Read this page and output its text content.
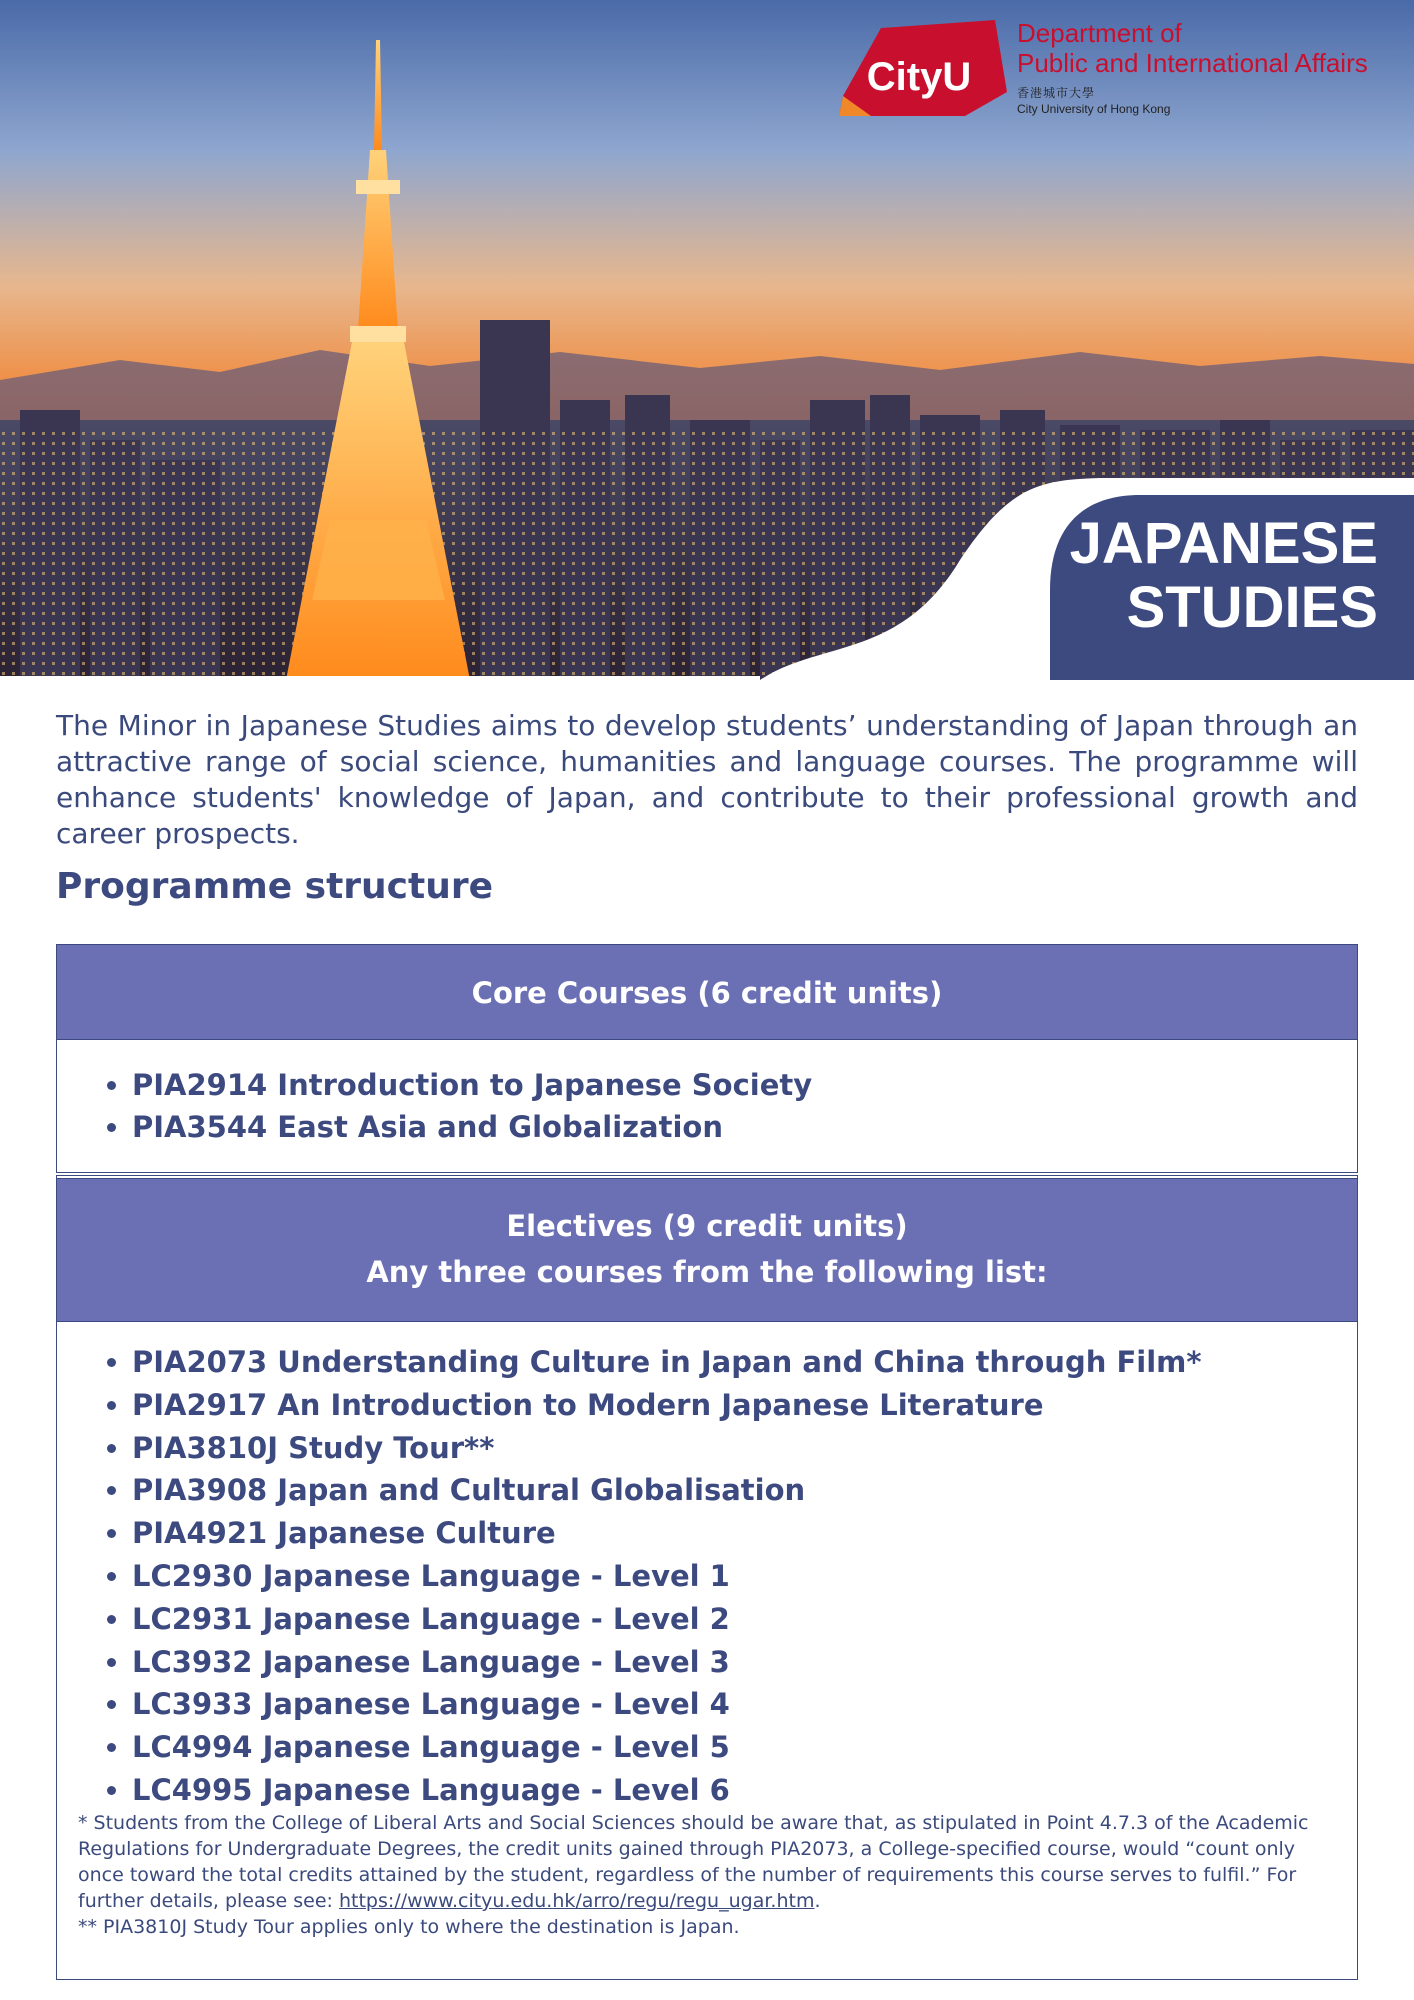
CityU
Department of
Public and International Affairs
香港城市大學
City University of Hong Kong
JAPANESE
STUDIES
The Minor in Japanese Studies aims to develop students’ understanding of Japan through an attractive range of social science, humanities and language courses. The programme will enhance students' knowledge of Japan, and contribute to their professional growth and career prospects.
Programme structure
Core Courses (6 credit units)
• PIA2914 Introduction to Japanese Society
• PIA3544 East Asia and Globalization
Electives (9 credit units)
Any three courses from the following list:
• PIA2073 Understanding Culture in Japan and China through Film*
• PIA2917 An Introduction to Modern Japanese Literature
• PIA3810J Study Tour**
• PIA3908 Japan and Cultural Globalisation
• PIA4921 Japanese Culture
• LC2930 Japanese Language - Level 1
• LC2931 Japanese Language - Level 2
• LC3932 Japanese Language - Level 3
• LC3933 Japanese Language - Level 4
• LC4994 Japanese Language - Level 5
• LC4995 Japanese Language - Level 6
* Students from the College of Liberal Arts and Social Sciences should be aware that, as stipulated in Point 4.7.3 of the Academic Regulations for Undergraduate Degrees, the credit units gained through PIA2073, a College-specified course, would “count only once toward the total credits attained by the student, regardless of the number of requirements this course serves to fulfil.” For further details, please see: https://www.cityu.edu.hk/arro/regu/regu_ugar.htm.
** PIA3810J Study Tour applies only to where the destination is Japan.
